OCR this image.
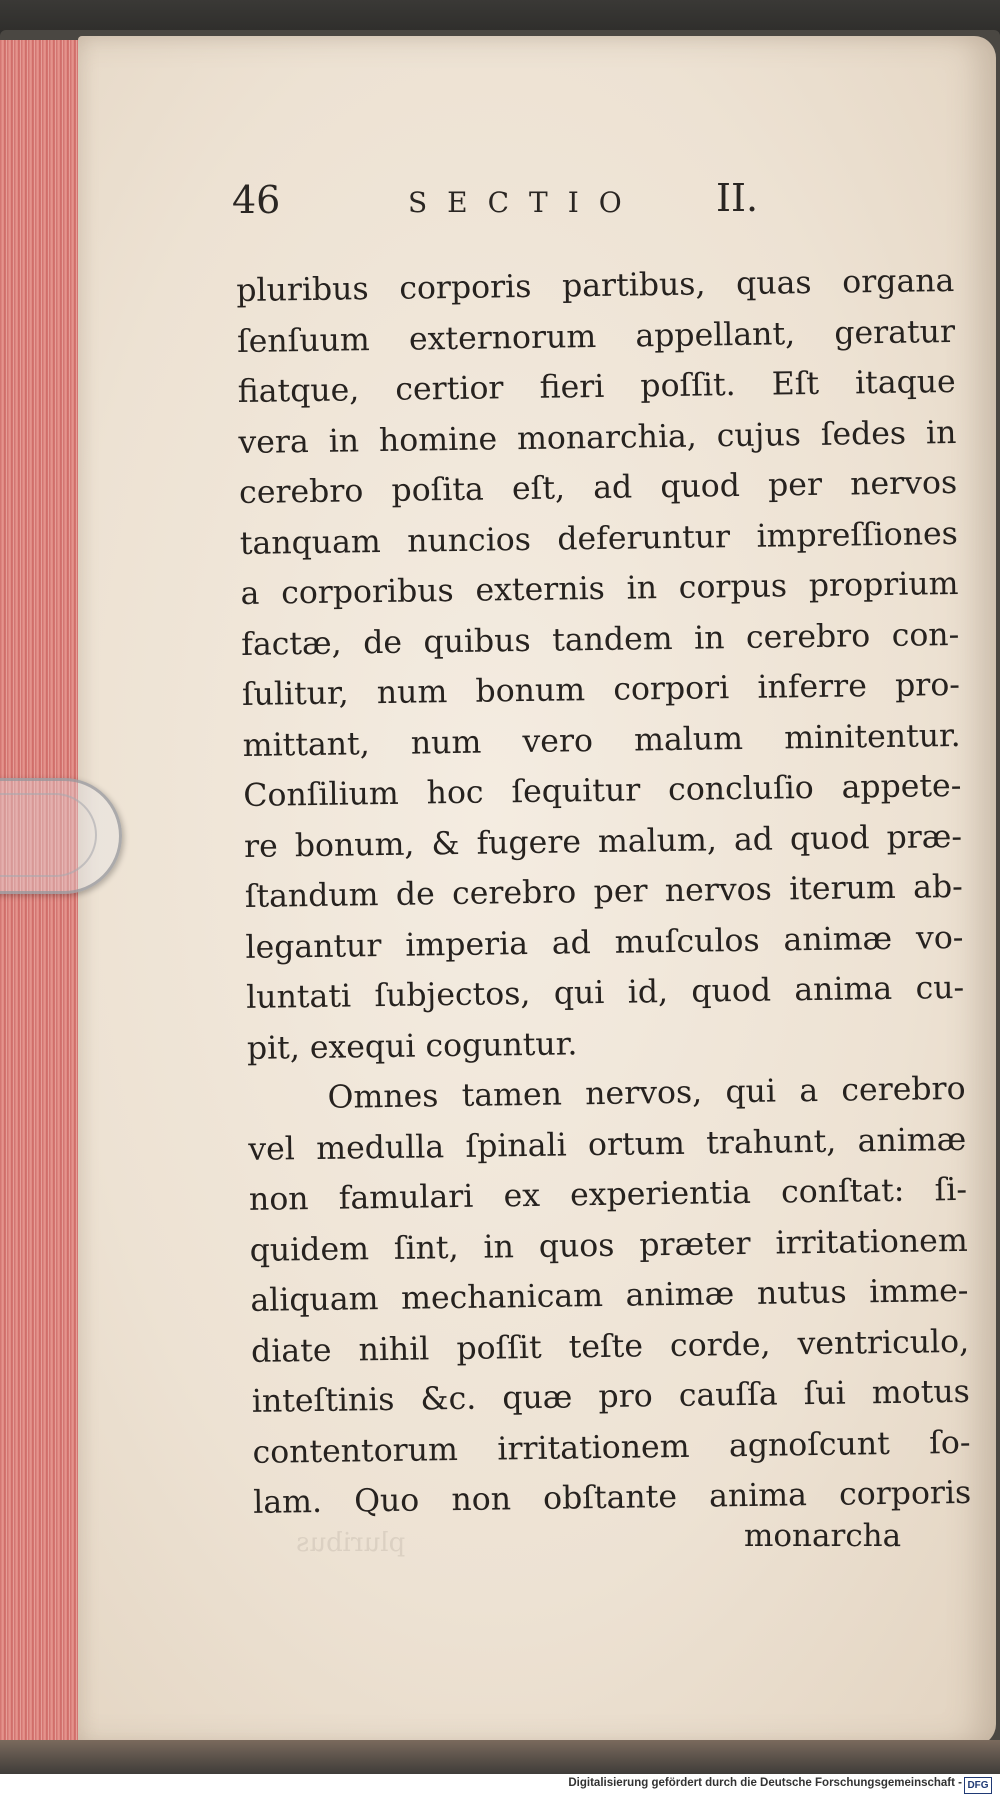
46	SECTIO II.
pluribus corporis partibus, quas organa
ſenſuum externorum appellant, geratur
fiatque, certior fieri poſſit. Eſt itaque
vera in homine monarchia, cujus ſedes in
cerebro poſita eſt, ad quod per nervos
tanquam nuncios deferuntur impreſſiones
a corporibus externis in corpus proprium
factæ, de quibus tandem in cerebro con-
ſulitur, num bonum corpori inferre pro-
mittant, num vero malum minitentur.
Conſilium hoc ſequitur concluſio appete-
re bonum, & fugere malum, ad quod præ-
ſtandum de cerebro per nervos iterum ab-
legantur imperia ad muſculos animæ vo-
luntati ſubjectos, qui id, quod anima cu-
pit, exequi coguntur.
Omnes tamen nervos, qui a cerebro
vel medulla ſpinali ortum trahunt, animæ
non famulari ex experientia conſtat: ſi-
quidem ſint, in quos præter irritationem
aliquam mechanicam animæ nutus imme-
diate nihil poſſit teſte corde, ventriculo,
inteſtinis &c. quæ pro cauſſa ſui motus
contentorum irritationem agnoſcunt ſo-
lam. Quo non obſtante anima corporis
pluribus	monarcha
Digitalisierung gefördert durch die Deutsche Forschungsgemeinschaft - DFG
